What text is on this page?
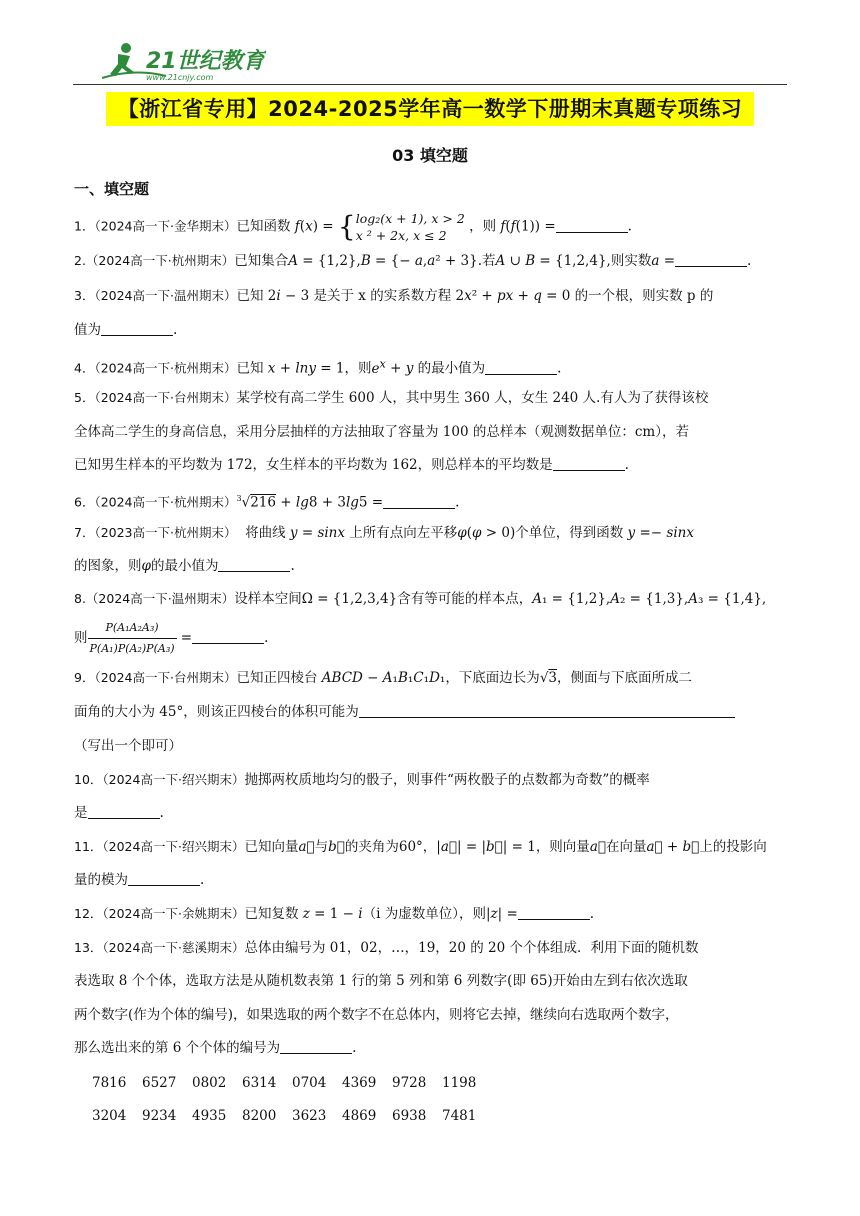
21世纪教育
www.21cnjy.com
【浙江省专用】2024-2025学年高一数学下册期末真题专项练习
03 填空题
一、填空题
1．（2024高一下·金华期末）已知函数 f(x) = {log₂(x + 1), x > 2
x ² + 2x, x ≤ 2 ，则 f(f(1)) =	.
2.（2024高一下·杭州期末）已知集合A = {1,2},B = {− a,a² + 3}.若A ∪ B = {1,2,4},则实数a =	.
3．（2024高一下·温州期末）已知 2i − 3 是关于 x 的实系数方程 2x² + px + q = 0 的一个根，则实数 p 的
值为	.
4．（2024高一下·杭州期末）已知 x + lny = 1，则$e^x + y$ 的最小值为	.
5．（2024高一下·台州期末）某学校有高二学生 600 人，其中男生 360 人，女生 240 人.有人为了获得该校
全体高二学生的身高信息，采用分层抽样的方法抽取了容量为 100 的总样本（观测数据单位：cm），若
已知男生样本的平均数为 172，女生样本的平均数为 162，则总样本的平均数是	.
6．（2024高一下·杭州期末）$^3$√216 + lg8 + 3lg5 =	.
7．（2023高一下·杭州期末） 将曲线 y = sinx 上所有点向左平移φ(φ > 0)个单位，得到函数 y =− sinx
的图象，则φ的最小值为	.
8.（2024高一下·温州期末）设样本空间Ω = {1,2,3,4}含有等可能的样本点，A₁ = {1,2},A₂ = {1,3},A₃ = {1,4},
则 $\frac{\text{P(A₁A₂A₃)}}{\text{P(A₁)P(A₂)P(A₃)}}$ =	.
9．（2024高一下·台州期末）已知正四棱台 ABCD − A₁B₁C₁D₁，下底面边长为√3，侧面与下底面所成二
面角的大小为 45°，则该正四棱台的体积可能为
（写出一个即可）
10．（2024高一下·绍兴期末）抛掷两枚质地均匀的骰子，则事件“两枚骰子的点数都为奇数”的概率
是	.
11．（2024高一下·绍兴期末）已知向量a⃗与b⃗的夹角为60°，|a⃗| = |b⃗| = 1，则向量a⃗在向量a⃗ + b⃗上的投影向
量的模为	.
12．（2024高一下·余姚期末）已知复数 z = 1 − i（i 为虚数单位），则|z| =	.
13．（2024高一下·慈溪期末）总体由编号为 01，02，…，19，20 的 20 个个体组成．利用下面的随机数
表选取 8 个个体，选取方法是从随机数表第 1 行的第 5 列和第 6 列数字(即 65)开始由左到右依次选取
两个数字(作为个体的编号)，如果选取的两个数字不在总体内，则将它去掉，继续向右选取两个数字，
那么选出来的第 6 个个体的编号为	.
7816 6527 0802 6314 0704 4369 9728 1198
3204 9234 4935 8200 3623 4869 6938 7481
